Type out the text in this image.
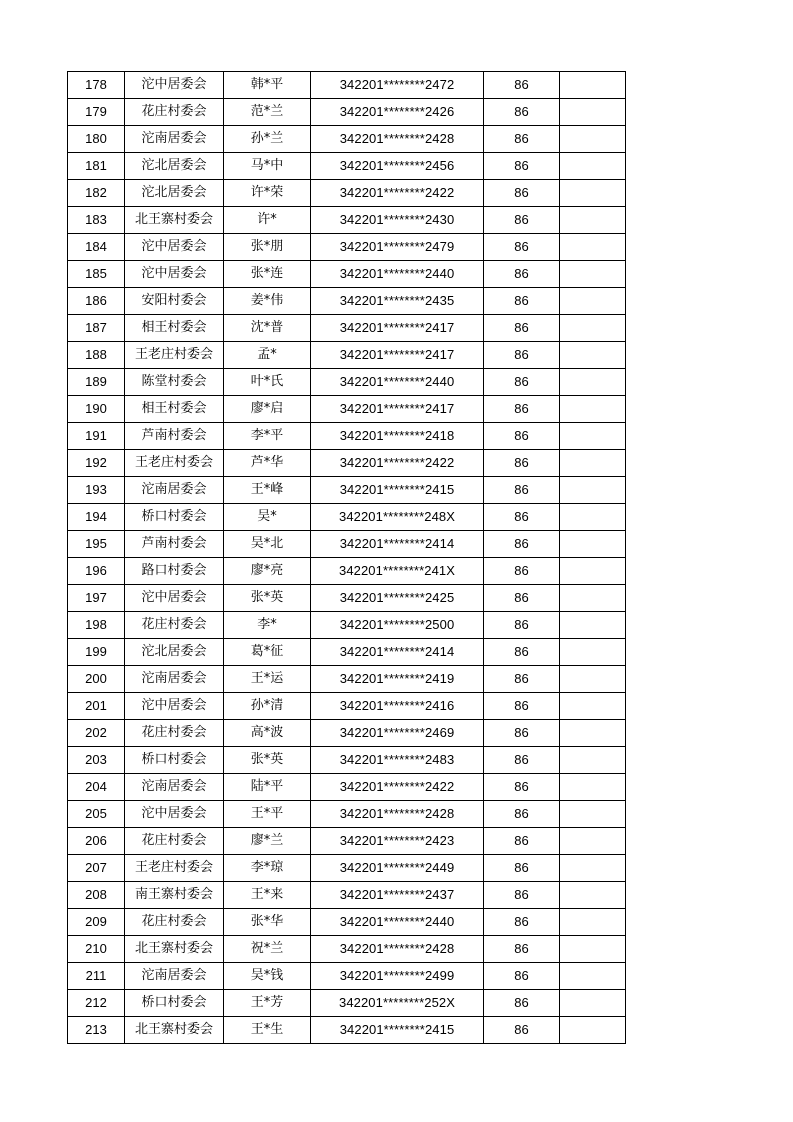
178	沱中居委会	韩*平	342201********2472	86	
179	花庄村委会	范*兰	342201********2426	86	
180	沱南居委会	孙*兰	342201********2428	86	
181	沱北居委会	马*中	342201********2456	86	
182	沱北居委会	许*荣	342201********2422	86	
183	北王寨村委会	许*	342201********2430	86	
184	沱中居委会	张*朋	342201********2479	86	
185	沱中居委会	张*连	342201********2440	86	
186	安阳村委会	姜*伟	342201********2435	86	
187	相王村委会	沈*普	342201********2417	86	
188	王老庄村委会	孟*	342201********2417	86	
189	陈堂村委会	叶*氏	342201********2440	86	
190	相王村委会	廖*启	342201********2417	86	
191	芦南村委会	李*平	342201********2418	86	
192	王老庄村委会	芦*华	342201********2422	86	
193	沱南居委会	王*峰	342201********2415	86	
194	桥口村委会	吴*	342201********248X	86	
195	芦南村委会	吴*北	342201********2414	86	
196	路口村委会	廖*亮	342201********241X	86	
197	沱中居委会	张*英	342201********2425	86	
198	花庄村委会	李*	342201********2500	86	
199	沱北居委会	葛*征	342201********2414	86	
200	沱南居委会	王*运	342201********2419	86	
201	沱中居委会	孙*清	342201********2416	86	
202	花庄村委会	高*波	342201********2469	86	
203	桥口村委会	张*英	342201********2483	86	
204	沱南居委会	陆*平	342201********2422	86	
205	沱中居委会	王*平	342201********2428	86	
206	花庄村委会	廖*兰	342201********2423	86	
207	王老庄村委会	李*琼	342201********2449	86	
208	南王寨村委会	王*来	342201********2437	86	
209	花庄村委会	张*华	342201********2440	86	
210	北王寨村委会	祝*兰	342201********2428	86	
211	沱南居委会	吴*钱	342201********2499	86	
212	桥口村委会	王*芳	342201********252X	86	
213	北王寨村委会	王*生	342201********2415	86	
